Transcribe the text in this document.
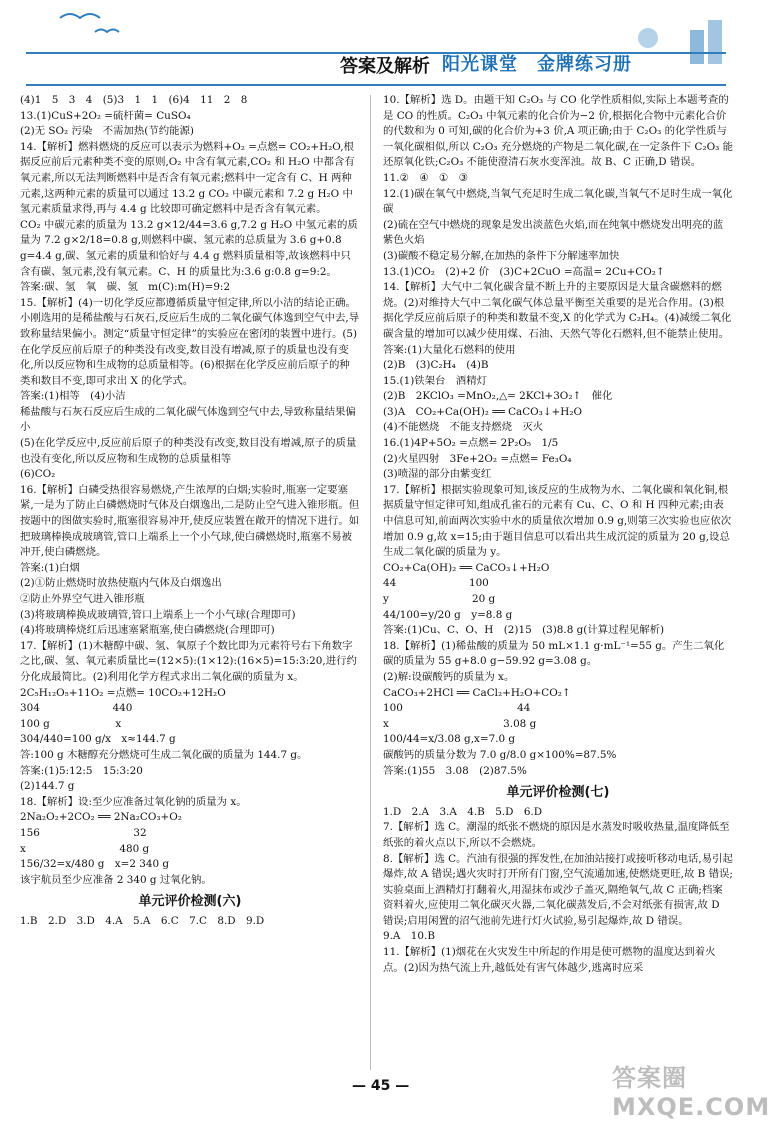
答案及解析 阳光课堂　金牌练习册

(4)1　5　3　4　(5)3　1　1　(6)4　11　2　8

13.(1)CuS+2O₂ =硫杆菌= CuSO₄

(2)无 SO₂ 污染　不需加热(节约能源)

14.【解析】燃料燃烧的反应可以表示为燃料+O₂ =点燃= CO₂+H₂O,根据反应前后元素种类不变的原则,O₂ 中含有氧元素,CO₂ 和 H₂O 中都含有氧元素,所以无法判断燃料中是否含有氧元素;燃料中一定含有 C、H 两种元素,这两种元素的质量可以通过 13.2 g CO₂ 中碳元素和 7.2 g H₂O 中氢元素质量求得,再与 4.4 g 比较即可确定燃料中是否含有氧元素。

CO₂ 中碳元素的质量为 13.2 g×12/44=3.6 g,7.2 g H₂O 中氢元素的质量为 7.2 g×2/18=0.8 g,则燃料中碳、氢元素的总质量为 3.6 g+0.8 g=4.4 g,碳、氢元素的质量和恰好与 4.4 g 燃料质量相等,故该燃料中只含有碳、氢元素,没有氧元素。C、H 的质量比为:3.6 g:0.8 g=9:2。

答案:碳、氢　氧　碳、氢　m(C):m(H)=9:2

15.【解析】(4)一切化学反应都遵循质量守恒定律,所以小洁的结论正确。小刚选用的是稀盐酸与石灰石,反应后生成的二氧化碳气体逸到空气中去,导致称量结果偏小。测定“质量守恒定律”的实验应在密闭的装置中进行。(5)在化学反应前后原子的种类没有改变,数目没有增减,原子的质量也没有变化,所以反应物和生成物的总质量相等。(6)根据在化学反应前后原子的种类和数目不变,即可求出 X 的化学式。

答案:(1)相等　(4)小洁

稀盐酸与石灰石反应后生成的二氧化碳气体逸到空气中去,导致称量结果偏小

(5)在化学反应中,反应前后原子的种类没有改变,数目没有增减,原子的质量也没有变化,所以反应物和生成物的总质量相等

(6)CO₂

16.【解析】白磷受热很容易燃烧,产生浓厚的白烟;实验时,瓶塞一定要塞紧,一是为了防止白磷燃烧时气体及白烟逸出,二是防止空气进入锥形瓶。但按题中的图做实验时,瓶塞很容易冲开,使反应装置在敞开的情况下进行。如把玻璃棒换成玻璃管,管口上端系上一个小气球,使白磷燃烧时,瓶塞不易被冲开,使白磷燃烧。

答案:(1)白烟

(2)①防止燃烧时放热使瓶内气体及白烟逸出

②防止外界空气进入锥形瓶

(3)将玻璃棒换成玻璃管,管口上端系上一个小气球(合理即可)

(4)将玻璃棒烧红后迅速塞紧瓶塞,使白磷燃烧(合理即可)

17.【解析】(1)木糖醇中碳、氢、氧原子个数比即为元素符号右下角数字之比,碳、氢、氧元素质量比=(12×5):(1×12):(16×5)=15:3:20,进行约分化成最简比。(2)利用化学方程式求出二氧化碳的质量为 x。

2C₅H₁₂O₅+11O₂ =点燃= 10CO₂+12H₂O

304　　　　　　　440

100 g　　　　　　 x

304/440=100 g/x　x≈144.7 g

答:100 g 木糖醇充分燃烧可生成二氧化碳的质量为 144.7 g。

答案:(1)5:12:5　15:3:20

(2)144.7 g

18.【解析】设:至少应准备过氧化钠的质量为 x。

2Na₂O₂+2CO₂ ══ 2Na₂CO₃+O₂

156　　　　　　　　　32

x　　　　　　　　　480 g

156/32=x/480 g　x=2 340 g

该宇航员至少应准备 2 340 g 过氧化钠。

单元评价检测(六)

1.B　2.D　3.D　4.A　5.A　6.C　7.C　8.D　9.D

10.【解析】选 D。由题干知 C₂O₃ 与 CO 化学性质相似,实际上本题考查的是 CO 的性质。C₂O₃ 中氧元素的化合价为−2 价,根据化合物中元素化合价的代数和为 0 可知,碳的化合价为+3 价,A 项正确;由于 C₂O₃ 的化学性质与一氧化碳相似,所以 C₂O₃ 充分燃烧的产物是二氧化碳,在一定条件下 C₂O₃ 能还原氧化铁;C₂O₃ 不能使澄清石灰水变浑浊。故 B、C 正确,D 错误。

11.②　④　①　③

12.(1)碳在氧气中燃烧,当氧气充足时生成二氧化碳,当氧气不足时生成一氧化碳

(2)硫在空气中燃烧的现象是发出淡蓝色火焰,而在纯氧中燃烧发出明亮的蓝紫色火焰

(3)碳酸不稳定易分解,在加热的条件下分解速率加快

13.(1)CO₂　(2)+2 价　(3)C+2CuO =高温= 2Cu+CO₂↑

14.【解析】大气中二氧化碳含量不断上升的主要原因是大量含碳燃料的燃烧。(2)对维持大气中二氧化碳气体总量平衡至关重要的是光合作用。(3)根据化学反应前后原子的种类和数量不变,X 的化学式为 C₂H₄。(4)减缓二氧化碳含量的增加可以减少使用煤、石油、天然气等化石燃料,但不能禁止使用。

答案:(1)大量化石燃料的使用

(2)B　(3)C₂H₄　(4)B

15.(1)铁架台　酒精灯

(2)B　2KClO₃ =MnO₂,△= 2KCl+3O₂↑　催化

(3)A　CO₂+Ca(OH)₂ ══ CaCO₃↓+H₂O

(4)不能燃烧　不能支持燃烧　灭火

16.(1)4P+5O₂ =点燃= 2P₂O₅　1/5

(2)火星四射　3Fe+2O₂ =点燃= Fe₃O₄

(3)喷湿的部分由紫变红

17.【解析】根据实验现象可知,该反应的生成物为水、二氧化碳和氧化铜,根据质量守恒定律可知,组成孔雀石的元素有 Cu、C、O 和 H 四种元素;由表中信息可知,前面两次实验中水的质量依次增加 0.9 g,则第三次实验也应依次增加 0.9 g,故 x=15;由于题目信息可以看出共生成沉淀的质量为 20 g,设总生成二氧化碳的质量为 y。

CO₂+Ca(OH)₂ ══ CaCO₃↓+H₂O

44　　　　　　　100

y　　　　　　　　20 g

44/100=y/20 g　y=8.8 g

答案:(1)Cu、C、O、H　(2)15　(3)8.8 g(计算过程见解析)

18.【解析】(1)稀盐酸的质量为 50 mL×1.1 g·mL⁻¹=55 g。产生二氧化碳的质量为 55 g+8.0 g−59.92 g=3.08 g。

(2)解:设碳酸钙的质量为 x。

CaCO₃+2HCl ══ CaCl₂+H₂O+CO₂↑

100　　　　　　　　　　　44

x　　　　　　　　　　　3.08 g

100/44=x/3.08 g,x=7.0 g

碳酸钙的质量分数为 7.0 g/8.0 g×100%=87.5%

答案:(1)55　3.08　(2)87.5%

单元评价检测(七)

1.D　2.A　3.A　4.B　5.D　6.D

7.【解析】选 C。潮湿的纸张不燃烧的原因是水蒸发时吸收热量,温度降低至纸张的着火点以下,所以不会燃烧。

8.【解析】选 C。汽油有很强的挥发性,在加油站接打或接听移动电话,易引起爆炸,故 A 错误;遇火灾时打开所有门窗,空气流通加速,使燃烧更旺,故 B 错误;实验桌面上酒精灯打翻着火,用湿抹布或沙子盖灭,隔绝氧气,故 C 正确;档案资料着火,应使用二氧化碳灭火器,二氧化碳蒸发后,不会对纸张有损害,故 D 错误;启用闲置的沼气池前先进行灯火试验,易引起爆炸,故 D 错误。

9.A　10.B

11.【解析】(1)烟花在火灾发生中所起的作用是使可燃物的温度达到着火点。(2)因为热气流上升,越低处有害气体越少,逃离时应采

— 45 —	答案圈 MXQE.COM
